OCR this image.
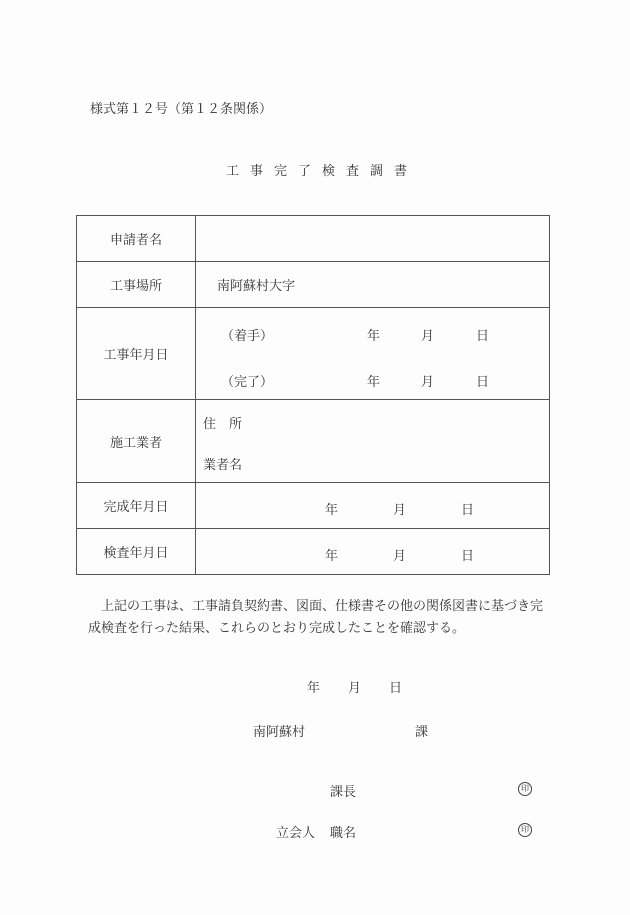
様式第１２号（第１２条関係）
工事完了検査調書
申請者名	
工事場所	南阿蘇村大字
工事年月日	
（着手）	年	月	日
（完了）	年	月	日

施工業者	住　所
業者名

完成年月日	年 月 日

検査年月日	年 月 日
上記の工事は、工事請負契約書、図面、仕様書その他の関係図書に基づき完
成検査を行った結果、これらのとおり完成したことを確認する。
年 月 日
南阿蘇村	課
課長	印
立会人 職名	印
